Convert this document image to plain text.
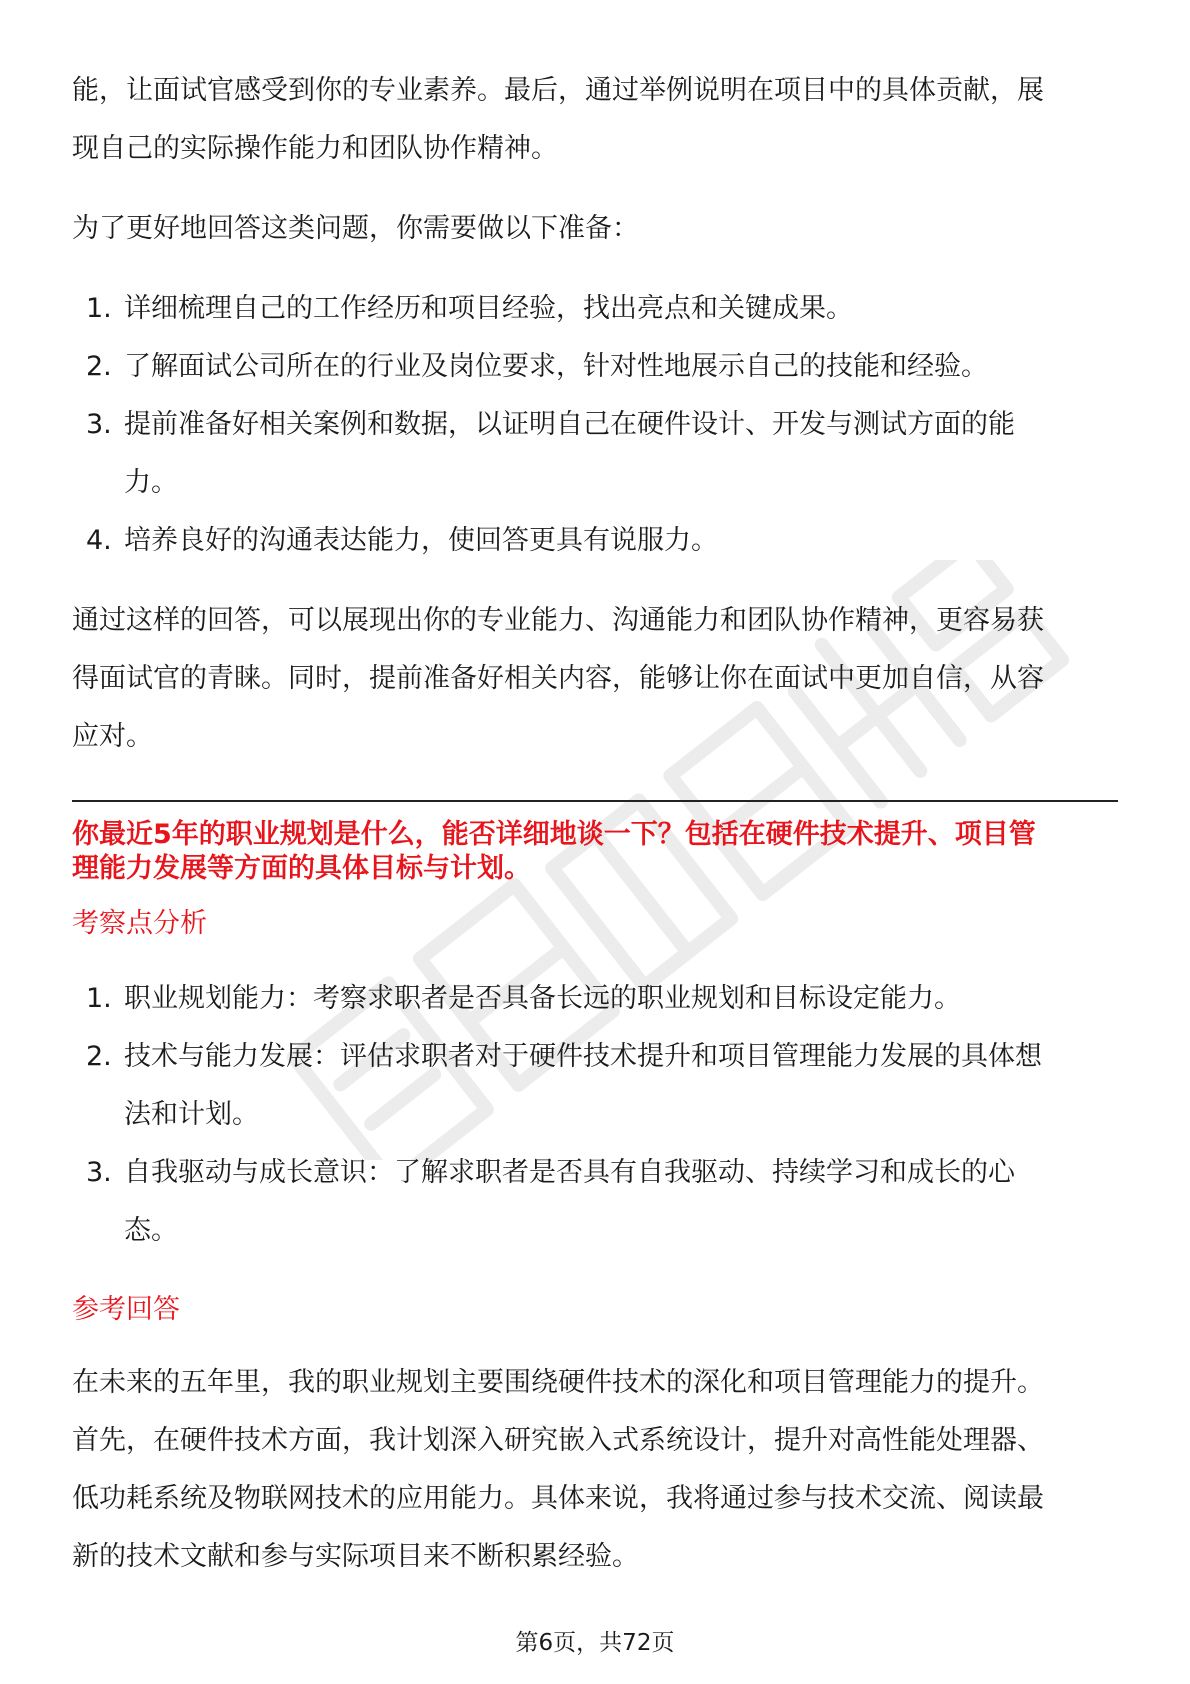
能，让面试官感受到你的专业素养。最后，通过举例说明在项目中的具体贡献，展

现自己的实际操作能力和团队协作精神。

为了更好地回答这类问题，你需要做以下准备：

1. 详细梳理自己的工作经历和项目经验，找出亮点和关键成果。
2. 了解面试公司所在的行业及岗位要求，针对性地展示自己的技能和经验。
3. 提前准备好相关案例和数据，以证明自己在硬件设计、开发与测试方面的能
力。
4. 培养良好的沟通表达能力，使回答更具有说服力。

通过这样的回答，可以展现出你的专业能力、沟通能力和团队协作精神，更容易获

得面试官的青睐。同时，提前准备好相关内容，能够让你在面试中更加自信，从容

应对。

你最近5年的职业规划是什么，能否详细地谈一下？包括在硬件技术提升、项目管

理能力发展等方面的具体目标与计划。

考察点分析

1. 职业规划能力：考察求职者是否具备长远的职业规划和目标设定能力。
2. 技术与能力发展：评估求职者对于硬件技术提升和项目管理能力发展的具体想
法和计划。
3. 自我驱动与成长意识：了解求职者是否具有自我驱动、持续学习和成长的心
态。

参考回答

在未来的五年里，我的职业规划主要围绕硬件技术的深化和项目管理能力的提升。

首先，在硬件技术方面，我计划深入研究嵌入式系统设计，提升对高性能处理器、

低功耗系统及物联网技术的应用能力。具体来说，我将通过参与技术交流、阅读最

新的技术文献和参与实际项目来不断积累经验。

第6页，共72页
